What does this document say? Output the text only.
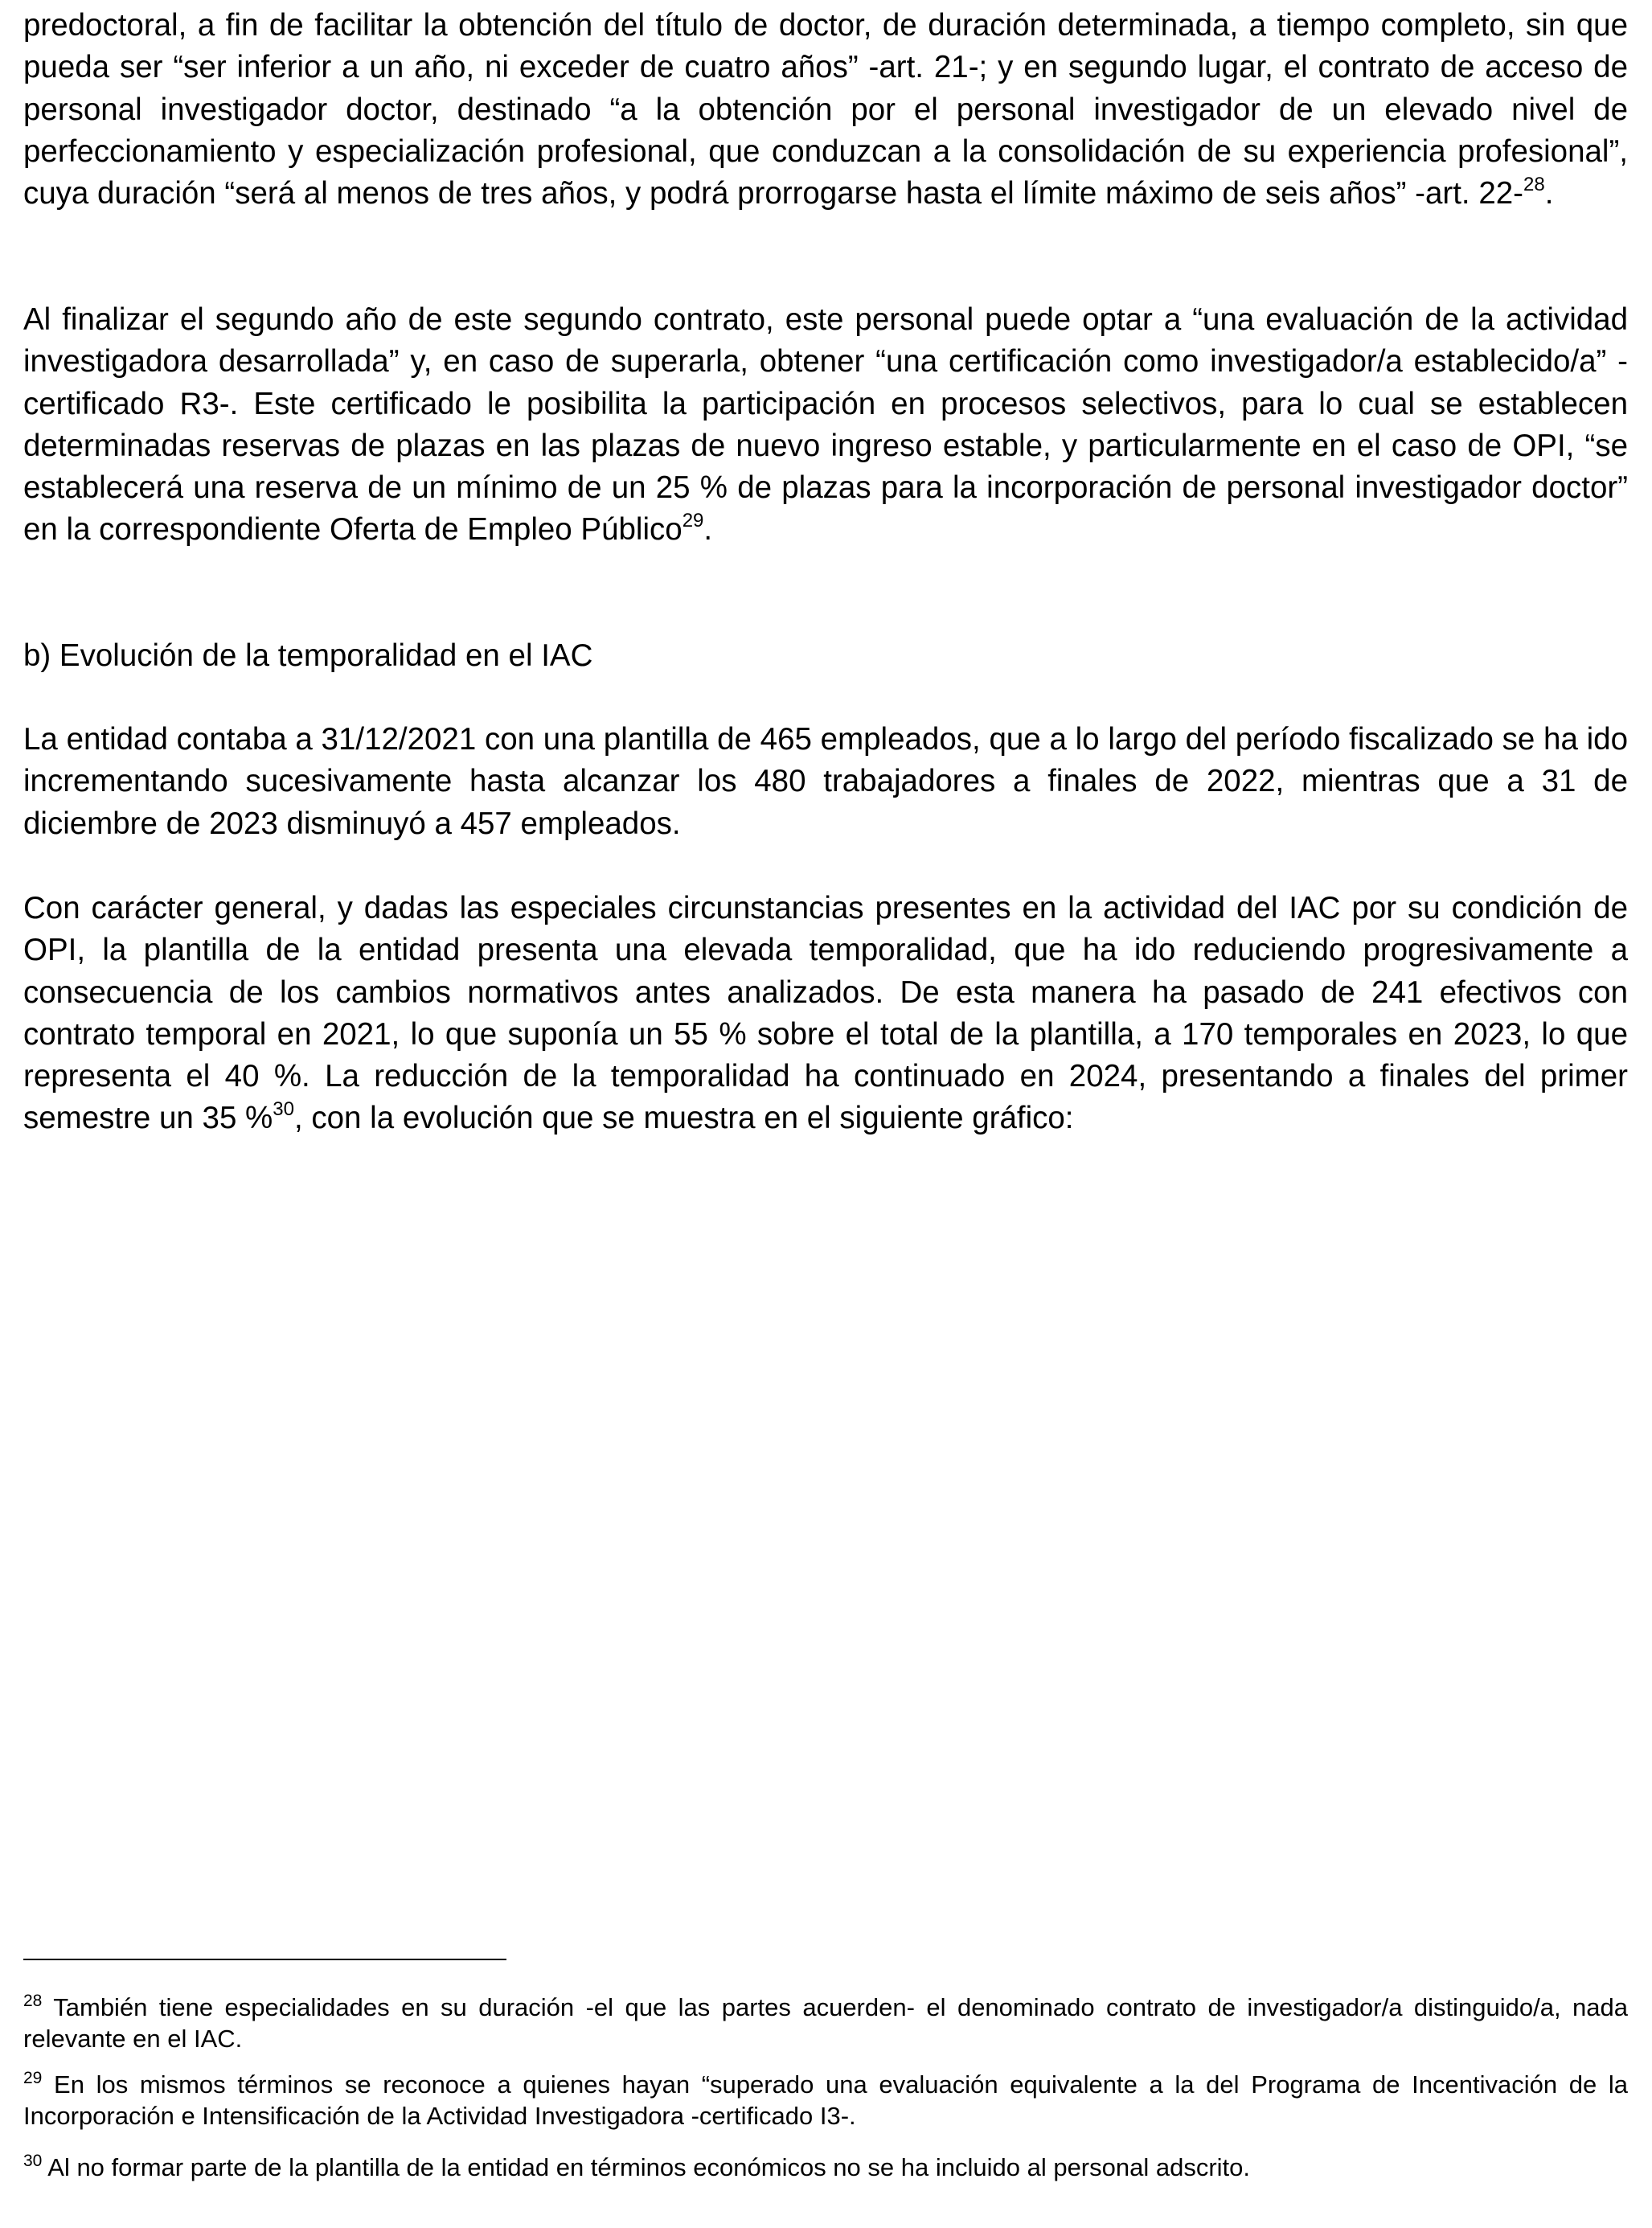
predoctoral, a fin de facilitar la obtención del título de doctor, de duración determinada, a tiempo completo, sin que pueda ser “ser inferior a un año, ni exceder de cuatro años” -art. 21-; y en segundo lugar, el contrato de acceso de personal investigador doctor, destinado “a la obtención por el personal investigador de un elevado nivel de perfeccionamiento y especialización profesional, que conduzcan a la consolidación de su experiencia profesional”, cuya duración “será al menos de tres años, y podrá prorrogarse hasta el límite máximo de seis años” -art. 22-$^{28}$.

Al finalizar el segundo año de este segundo contrato, este personal puede optar a “una evaluación de la actividad investigadora desarrollada” y, en caso de superarla, obtener “una certificación como investigador/a establecido/a” -certificado R3-. Este certificado le posibilita la participación en procesos selectivos, para lo cual se establecen determinadas reservas de plazas en las plazas de nuevo ingreso estable, y particularmente en el caso de OPI, “se establecerá una reserva de un mínimo de un 25 % de plazas para la incorporación de personal investigador doctor” en la correspondiente Oferta de Empleo Público$^{29}$.

b) Evolución de la temporalidad en el IAC

La entidad contaba a 31/12/2021 con una plantilla de 465 empleados, que a lo largo del período fiscalizado se ha ido incrementando sucesivamente hasta alcanzar los 480 trabajadores a finales de 2022, mientras que a 31 de diciembre de 2023 disminuyó a 457 empleados.

Con carácter general, y dadas las especiales circunstancias presentes en la actividad del IAC por su condición de OPI, la plantilla de la entidad presenta una elevada temporalidad, que ha ido reduciendo progresivamente a consecuencia de los cambios normativos antes analizados. De esta manera ha pasado de 241 efectivos con contrato temporal en 2021, lo que suponía un 55 % sobre el total de la plantilla, a 170 temporales en 2023, lo que representa el 40 %. La reducción de la temporalidad ha continuado en 2024, presentando a finales del primer semestre un 35 %$^{30}$, con la evolución que se muestra en el siguiente gráfico:

$^{28}$ También tiene especialidades en su duración -el que las partes acuerden- el denominado contrato de investigador/a distinguido/a, nada relevante en el IAC.

$^{29}$ En los mismos términos se reconoce a quienes hayan “superado una evaluación equivalente a la del Programa de Incentivación de la Incorporación e Intensificación de la Actividad Investigadora -certificado I3-.

$^{30}$ Al no formar parte de la plantilla de la entidad en términos económicos no se ha incluido al personal adscrito.
